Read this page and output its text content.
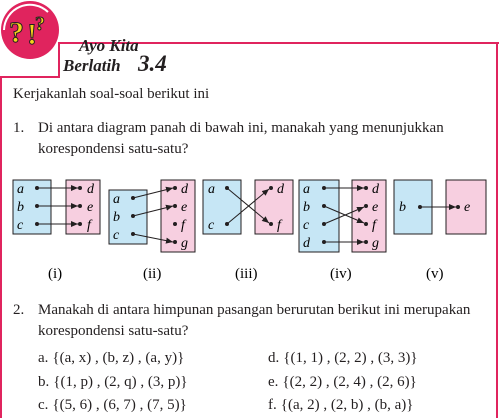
? !
?
Ayo Kita
Berlatih 3.4
Kerjakanlah soal-soal berikut ini
1. Di antara diagram panah di bawah ini, manakah yang menunjukkan
korespondensi satu-satu?
a
b
c
d
e
f
a
b
c
d
e
f
g
a
c
d
f
a
b
c
d
d
e
f
g
b	e
(i)	(ii)	(iii)	(iv)	(v)
2. Manakah di antara himpunan pasangan berurutan berikut ini merupakan
korespondensi satu-satu?
a. {(a, x) , (b, z) , (a, y)}
b. {(1, p) , (2, q) , (3, p)}
c. {(5, 6) , (6, 7) , (7, 5)}
d. {(1, 1) , (2, 2) , (3, 3)}
e. {(2, 2) , (2, 4) , (2, 6)}
f. {(a, 2) , (2, b) , (b, a)}
